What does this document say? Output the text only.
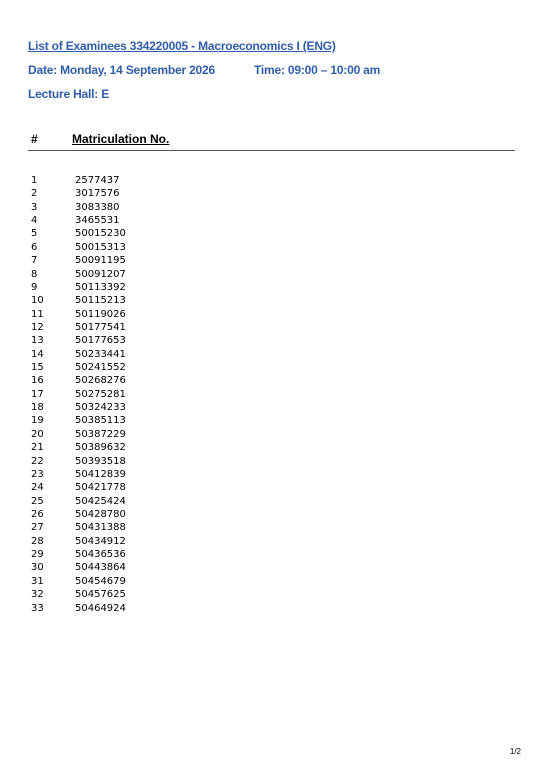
List of Examinees 334220005 - Macroeconomics I (ENG)
Date: Monday, 14 September 2026	Time: 09:00 – 10:00 am
Lecture Hall: E
#	Matriculation No.
1	2577437
2	3017576
3	3083380
4	3465531
5	50015230
6	50015313
7	50091195
8	50091207
9	50113392
10	50115213
11	50119026
12	50177541
13	50177653
14	50233441
15	50241552
16	50268276
17	50275281
18	50324233
19	50385113
20	50387229
21	50389632
22	50393518
23	50412839
24	50421778
25	50425424
26	50428780
27	50431388
28	50434912
29	50436536
30	50443864
31	50454679
32	50457625
33	50464924
1/2
